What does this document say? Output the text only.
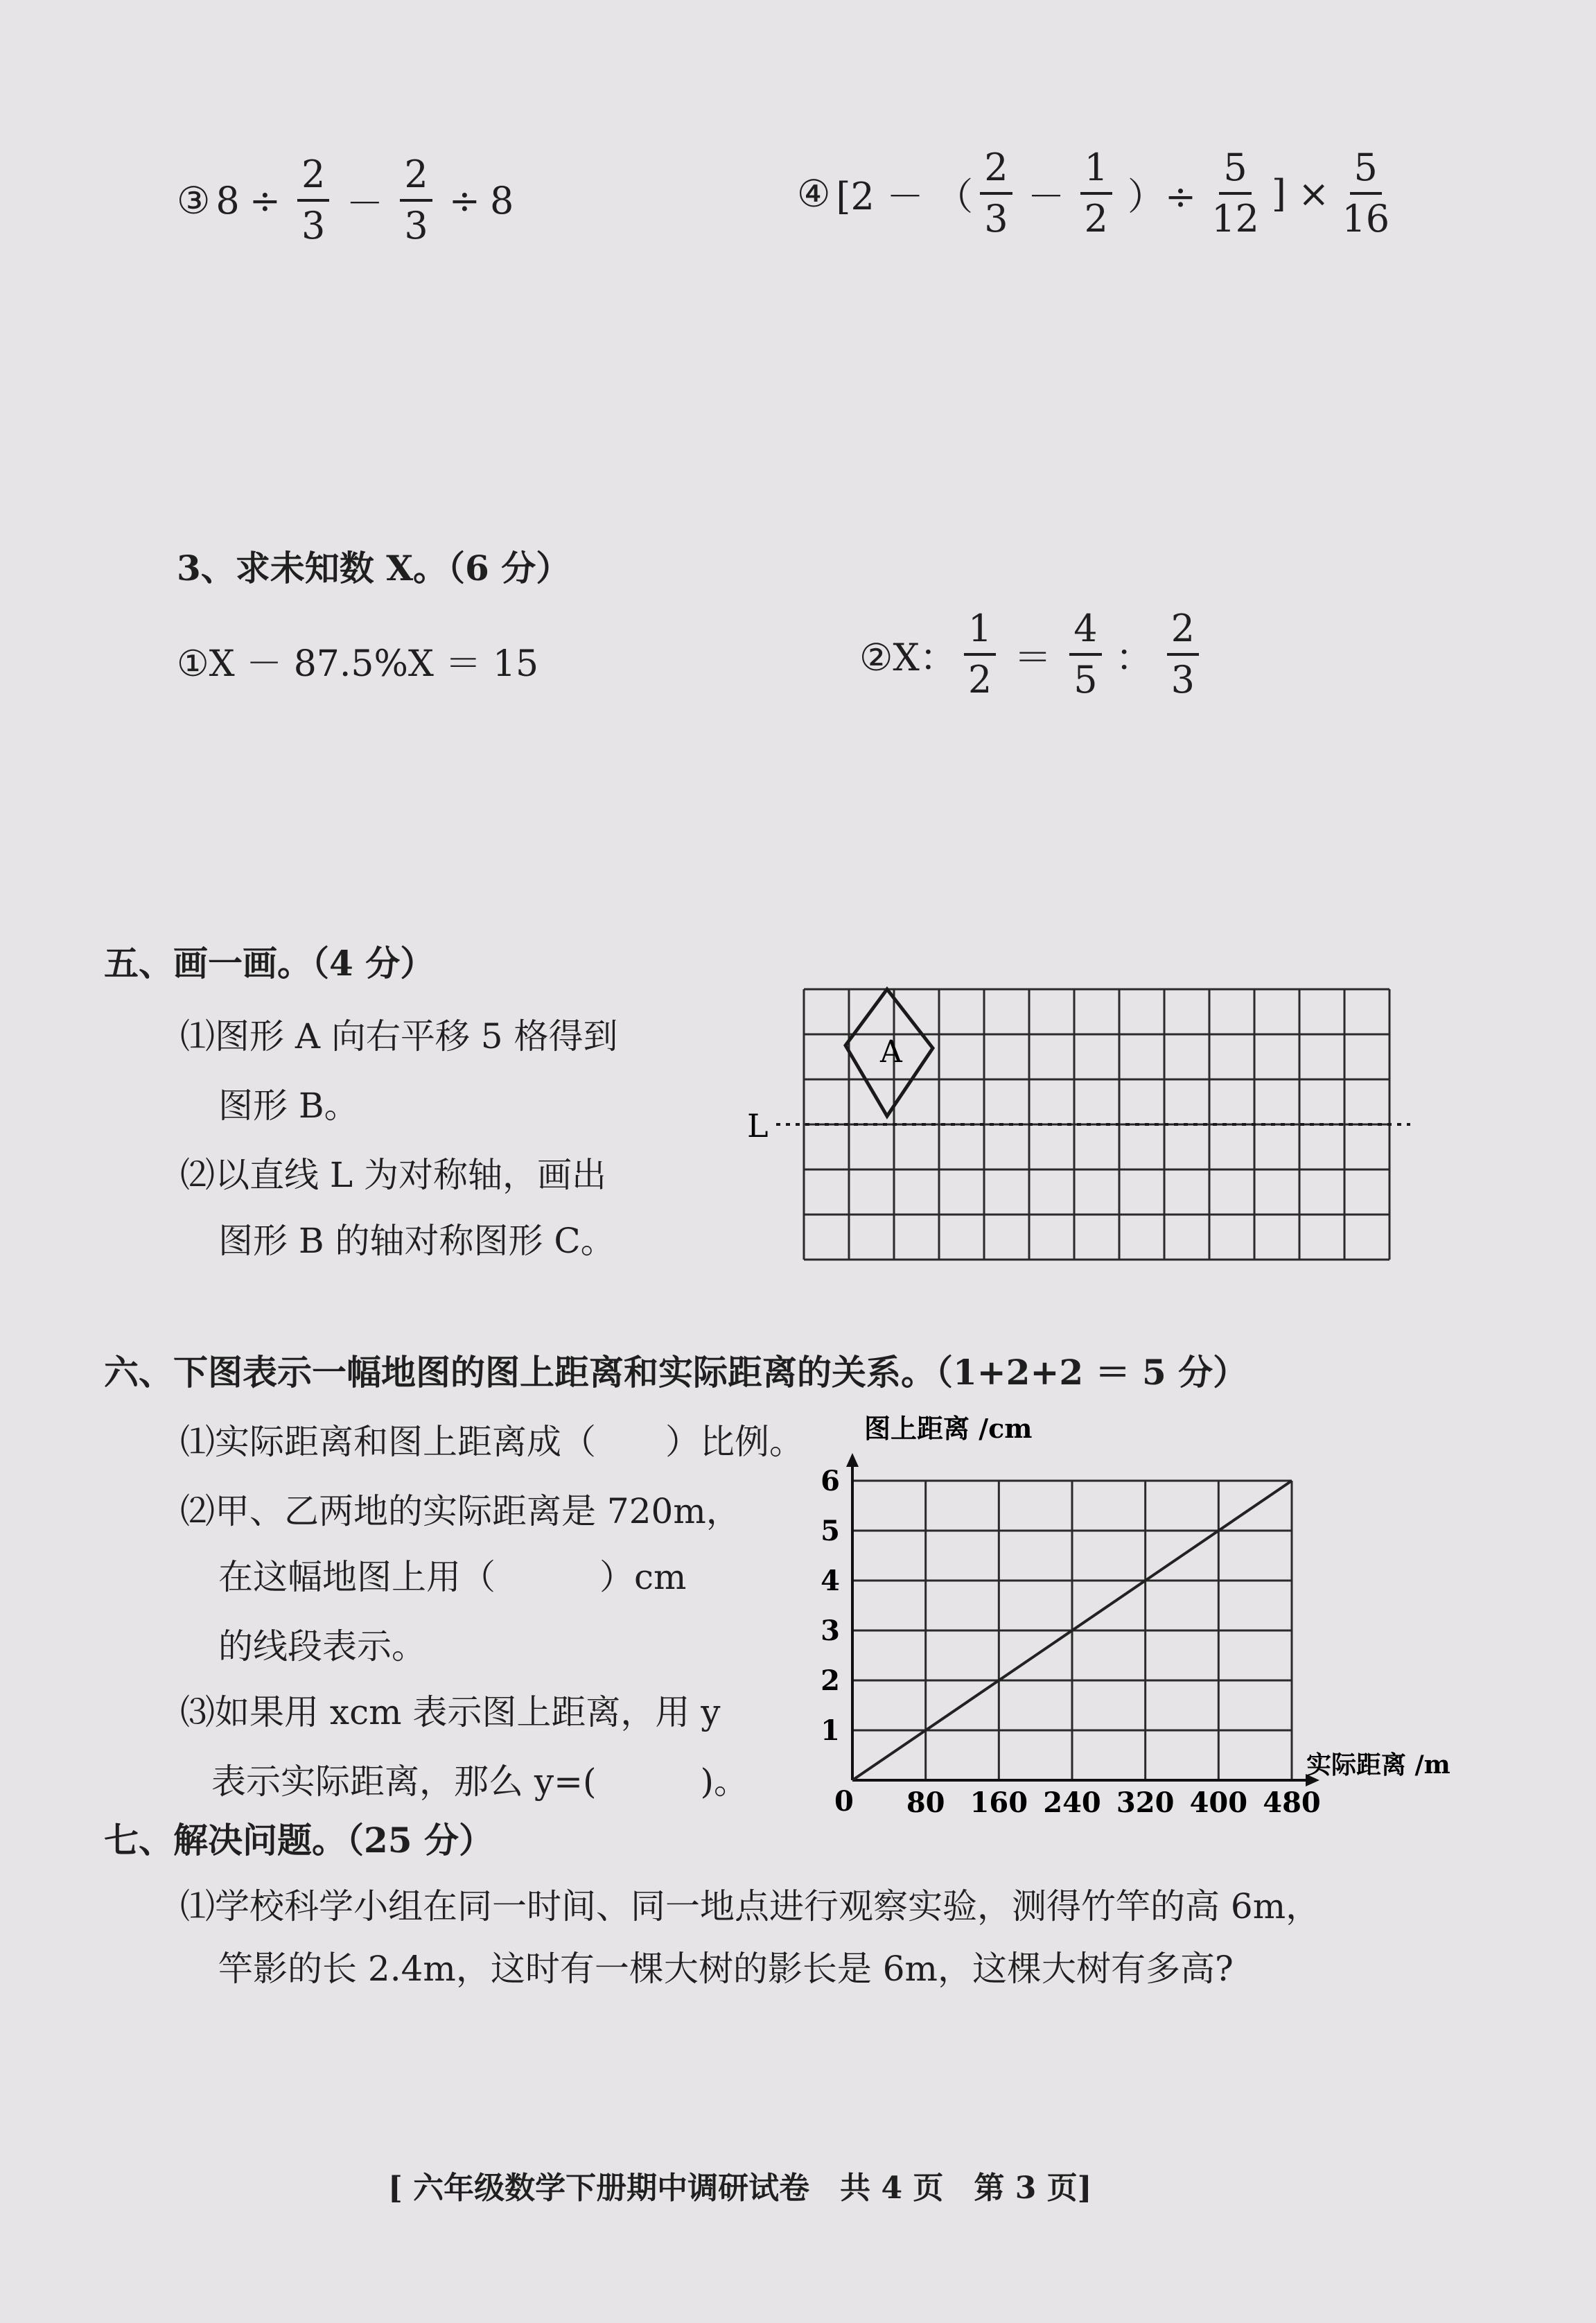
③ $8 \div \frac{2}{3} - \frac{2}{3} \div 8$	④ [2 － （ $\frac{2}{3} - \frac{1}{2}$ ）÷ $\frac{5}{12}$ ] × $\frac{5}{16}$
3、求未知数 X。（6 分）
①X － 87.5%X ＝ 15	②X： $\frac{1}{2} = \frac{4}{5}$ ： $\frac{2}{3}$
五、画一画。（4 分）
⑴图形 A 向右平移 5 格得到
图形 B。
⑵以直线 L 为对称轴，画出
图形 B 的轴对称图形 C。
A
L
六、下图表示一幅地图的图上距离和实际距离的关系。（1+2+2 ＝ 5 分）
⑴实际距离和图上距离成（　　）比例。
⑵甲、乙两地的实际距离是 720m，
在这幅地图上用（　　　）cm
的线段表示。
⑶如果用 xcm 表示图上距离，用 y
表示实际距离，那么 y=(　　　)。
80 160 240 320 400 480
1
2
3
4
5
6
图上距离 /cm
实际距离 /m
0
七、解决问题。（25 分）
⑴学校科学小组在同一时间、同一地点进行观察实验，测得竹竿的高 6m，
竿影的长 2.4m，这时有一棵大树的影长是 6m，这棵大树有多高?
[ 六年级数学下册期中调研试卷　共 4 页　第 3 页]
